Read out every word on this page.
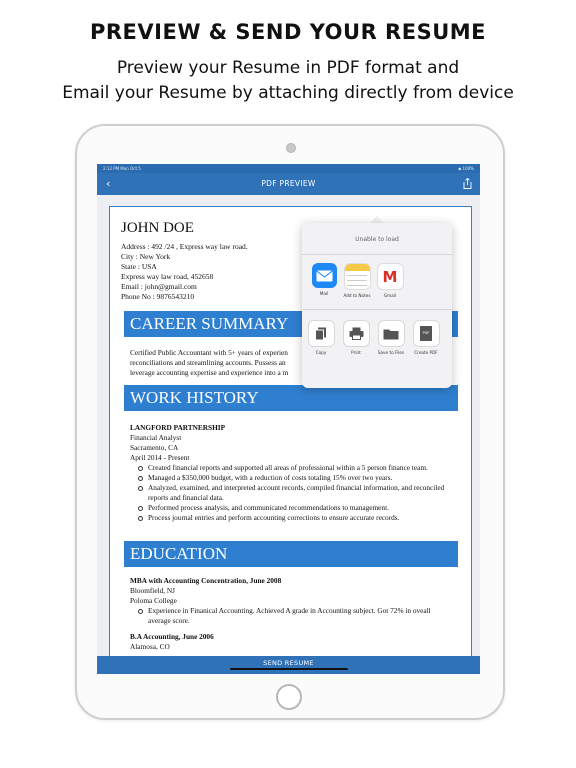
PREVIEW & SEND YOUR RESUME
Preview your Resume in PDF format and
Email your Resume by attaching directly from device
2:12 PM Mon Oct 5	◆ 100%
‹	PDF PREVIEW
JOHN DOE
Address : 492 /24 , Express way law road.
City : New York
State : USA
Express way law road, 452658
Email : john@gmail.com
Phone No : 9876543210
CAREER SUMMARY
Certified Public Accountant with 5+ years of experien
reconciliations and streamlining accounts. Possess an
leverage accounting expertise and experience into a m
WORK HISTORY
LANGFORD PARTNERSHIP
Financial Analyst
Sacramento, CA
April 2014 - Present
Created financial reports and supported all areas of professional within a 5 person finance team.
Managed a $350,000 budget, with a reduction of costs totaling 15% over two years.
Analyzed, examined, and interpreted account records, compiled financial information, and reconciled reports and financial data.
Performed process analysis, and communicated recommendations to management.
Process journal entries and perform accounting corrections to ensure accurate records.
EDUCATION
MBA with Accounting Concentration, June 2008
Bloomfield, NJ
Poloma College
Experience in Finanical Accounting. Achieved A grade in Accounting subject. Got 72% in oveall average score.
B.A Accounting, June 2006
Alamosa, CO
Unable to load
Mail	Add to Notes
M
Gmail
Copy	Print	Save to Files
PDF
Create PDF
SEND RESUME
